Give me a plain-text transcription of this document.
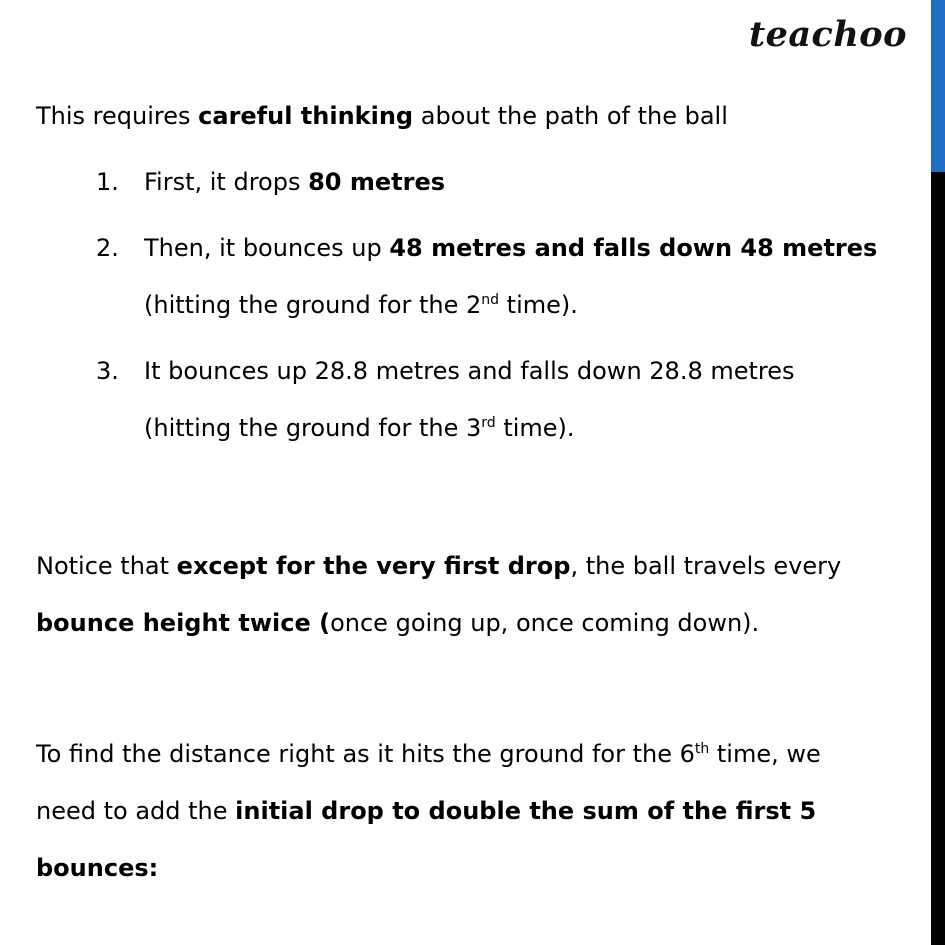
teachoo

This requires careful thinking about the path of the ball

1. First, it drops 80 metres
2. Then, it bounces up 48 metres and falls down 48 metres
(hitting the ground for the 2nd time).
3. It bounces up 28.8 metres and falls down 28.8 metres
(hitting the ground for the 3rd time).

Notice that except for the very first drop, the ball travels every
bounce height twice (once going up, once coming down).

To find the distance right as it hits the ground for the 6th time, we
need to add the initial drop to double the sum of the first 5
bounces:
